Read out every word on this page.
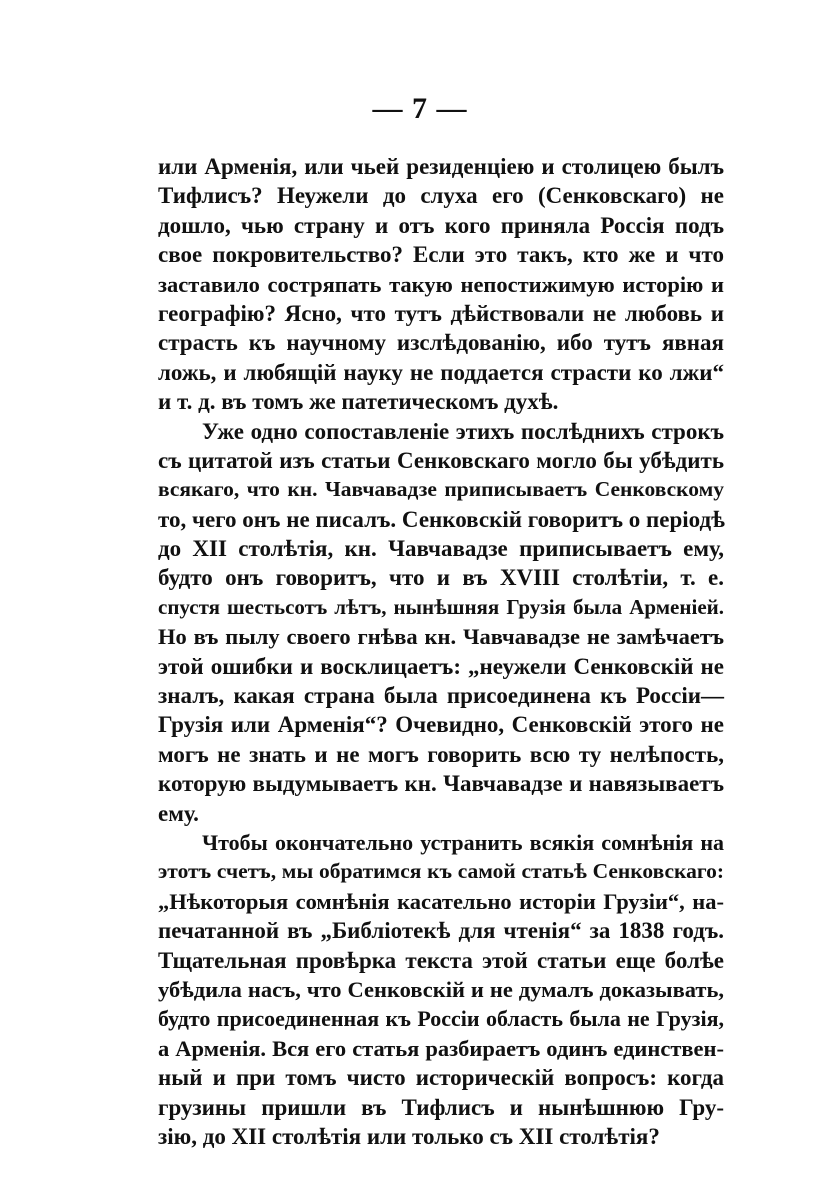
— 7 —
или Арменія, или чьей резиденціею и столицею былъ
Тифлисъ? Неужели до слуха его (Сенковскаго) не
дошло, чью страну и отъ кого приняла Россія подъ
свое покровительство? Если это такъ, кто же и что
заставило состряпать такую непостижимую исторію и
географію? Ясно, что тутъ дѣйствовали не любовь и
страсть къ научному изслѣдованію, ибо тутъ явная
ложь, и любящій науку не поддается страсти ко лжи“
и т. д. въ томъ же патетическомъ духѣ.
Уже одно сопоставленіе этихъ послѣднихъ строкъ
съ цитатой изъ статьи Сенковскаго могло бы убѣдить
всякаго, что кн. Чавчавадзе приписываетъ Сенковскому
то, чего онъ не писалъ. Сенковскій говоритъ о періодѣ
до XII столѣтія, кн. Чавчавадзе приписываетъ ему,
будто онъ говоритъ, что и въ XVIII столѣтіи, т. е.
спустя шестьсотъ лѣтъ, нынѣшняя Грузія была Арменіей.
Но въ пылу своего гнѣва кн. Чавчавадзе не замѣчаетъ
этой ошибки и восклицаетъ: „неужели Сенковскій не
зналъ, какая страна была присоединена къ Россіи—
Грузія или Арменія“? Очевидно, Сенковскій этого не
могъ не знать и не могъ говорить всю ту нелѣпость,
которую выдумываетъ кн. Чавчавадзе и навязываетъ
ему.
Чтобы окончательно устранить всякія сомнѣнія на
этотъ счетъ, мы обратимся къ самой статьѣ Сенковскаго:
„Нѣкоторыя сомнѣнія касательно исторіи Грузіи“, на-
печатанной въ „Библіотекѣ для чтенія“ за 1838 годъ.
Тщательная провѣрка текста этой статьи еще болѣе
убѣдила насъ, что Сенковскій и не думалъ доказывать,
будто присоединенная къ Россіи область была не Грузія,
а Арменія. Вся его статья разбираетъ одинъ единствен-
ный и при томъ чисто историческій вопросъ: когда
грузины пришли въ Тифлисъ и нынѣшнюю Гру-
зію, до XII столѣтія или только съ XII столѣтія?
